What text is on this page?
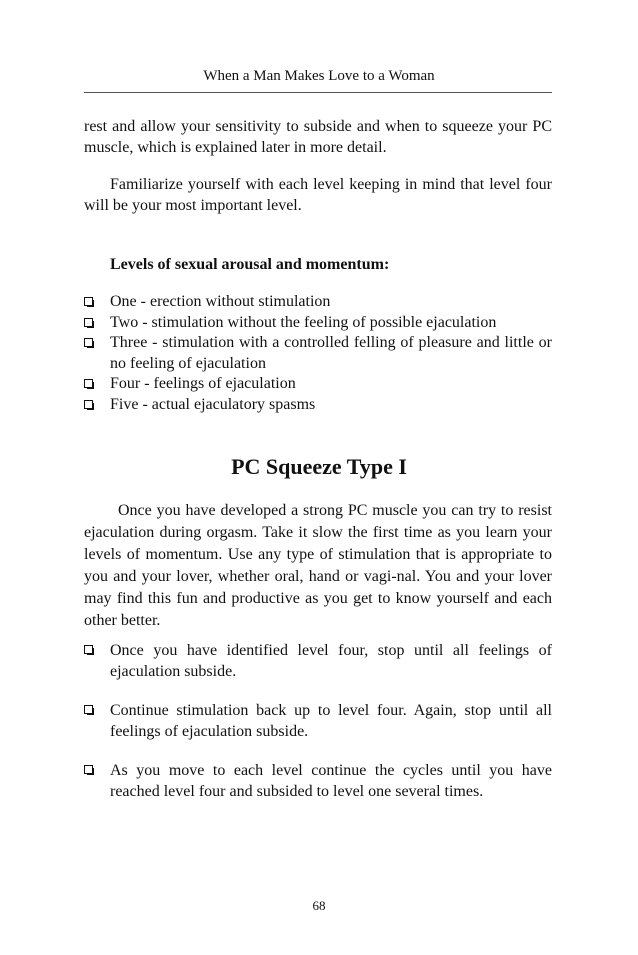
When a Man Makes Love to a Woman
rest and allow your sensitivity to subside and when to squeeze your PC muscle, which is explained later in more detail.
Familiarize yourself with each level keeping in mind that level four will be your most important level.
Levels of sexual arousal and momentum:
One - erection without stimulation
Two - stimulation without the feeling of possible ejaculation
Three - stimulation with a controlled felling of pleasure and little or no feeling of ejaculation
Four - feelings of ejaculation
Five - actual ejaculatory spasms
PC Squeeze Type I
Once you have developed a strong PC muscle you can try to resist ejaculation during orgasm. Take it slow the first time as you learn your levels of momentum. Use any type of stimulation that is appropriate to you and your lover, whether oral, hand or vagi-nal. You and your lover may find this fun and productive as you get to know yourself and each other better.
Once you have identified level four, stop until all feelings of ejaculation subside.
Continue stimulation back up to level four. Again, stop until all feelings of ejaculation subside.
As you move to each level continue the cycles until you have reached level four and subsided to level one several times.
68
